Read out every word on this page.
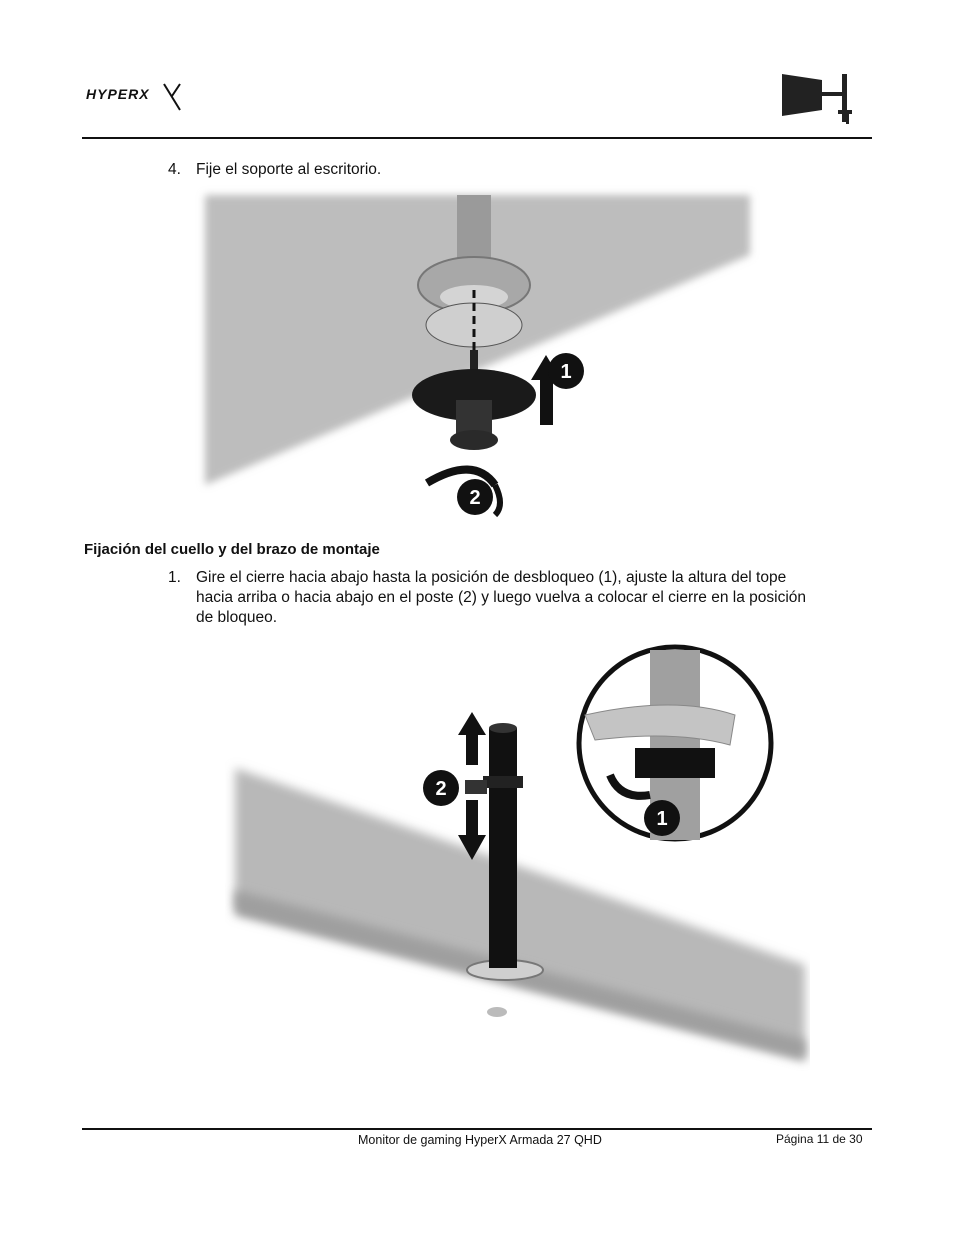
HYPERX
4. Fije el soporte al escritorio.
1
2
Fijación del cuello y del brazo de montaje
1. Gire el cierre hacia abajo hasta la posición de desbloqueo (1), ajuste la altura del tope
hacia arriba o hacia abajo en el poste (2) y luego vuelva a colocar el cierre en la posición
de bloqueo.
2
1
Monitor de gaming HyperX Armada 27 QHD	Página 11 de 30
